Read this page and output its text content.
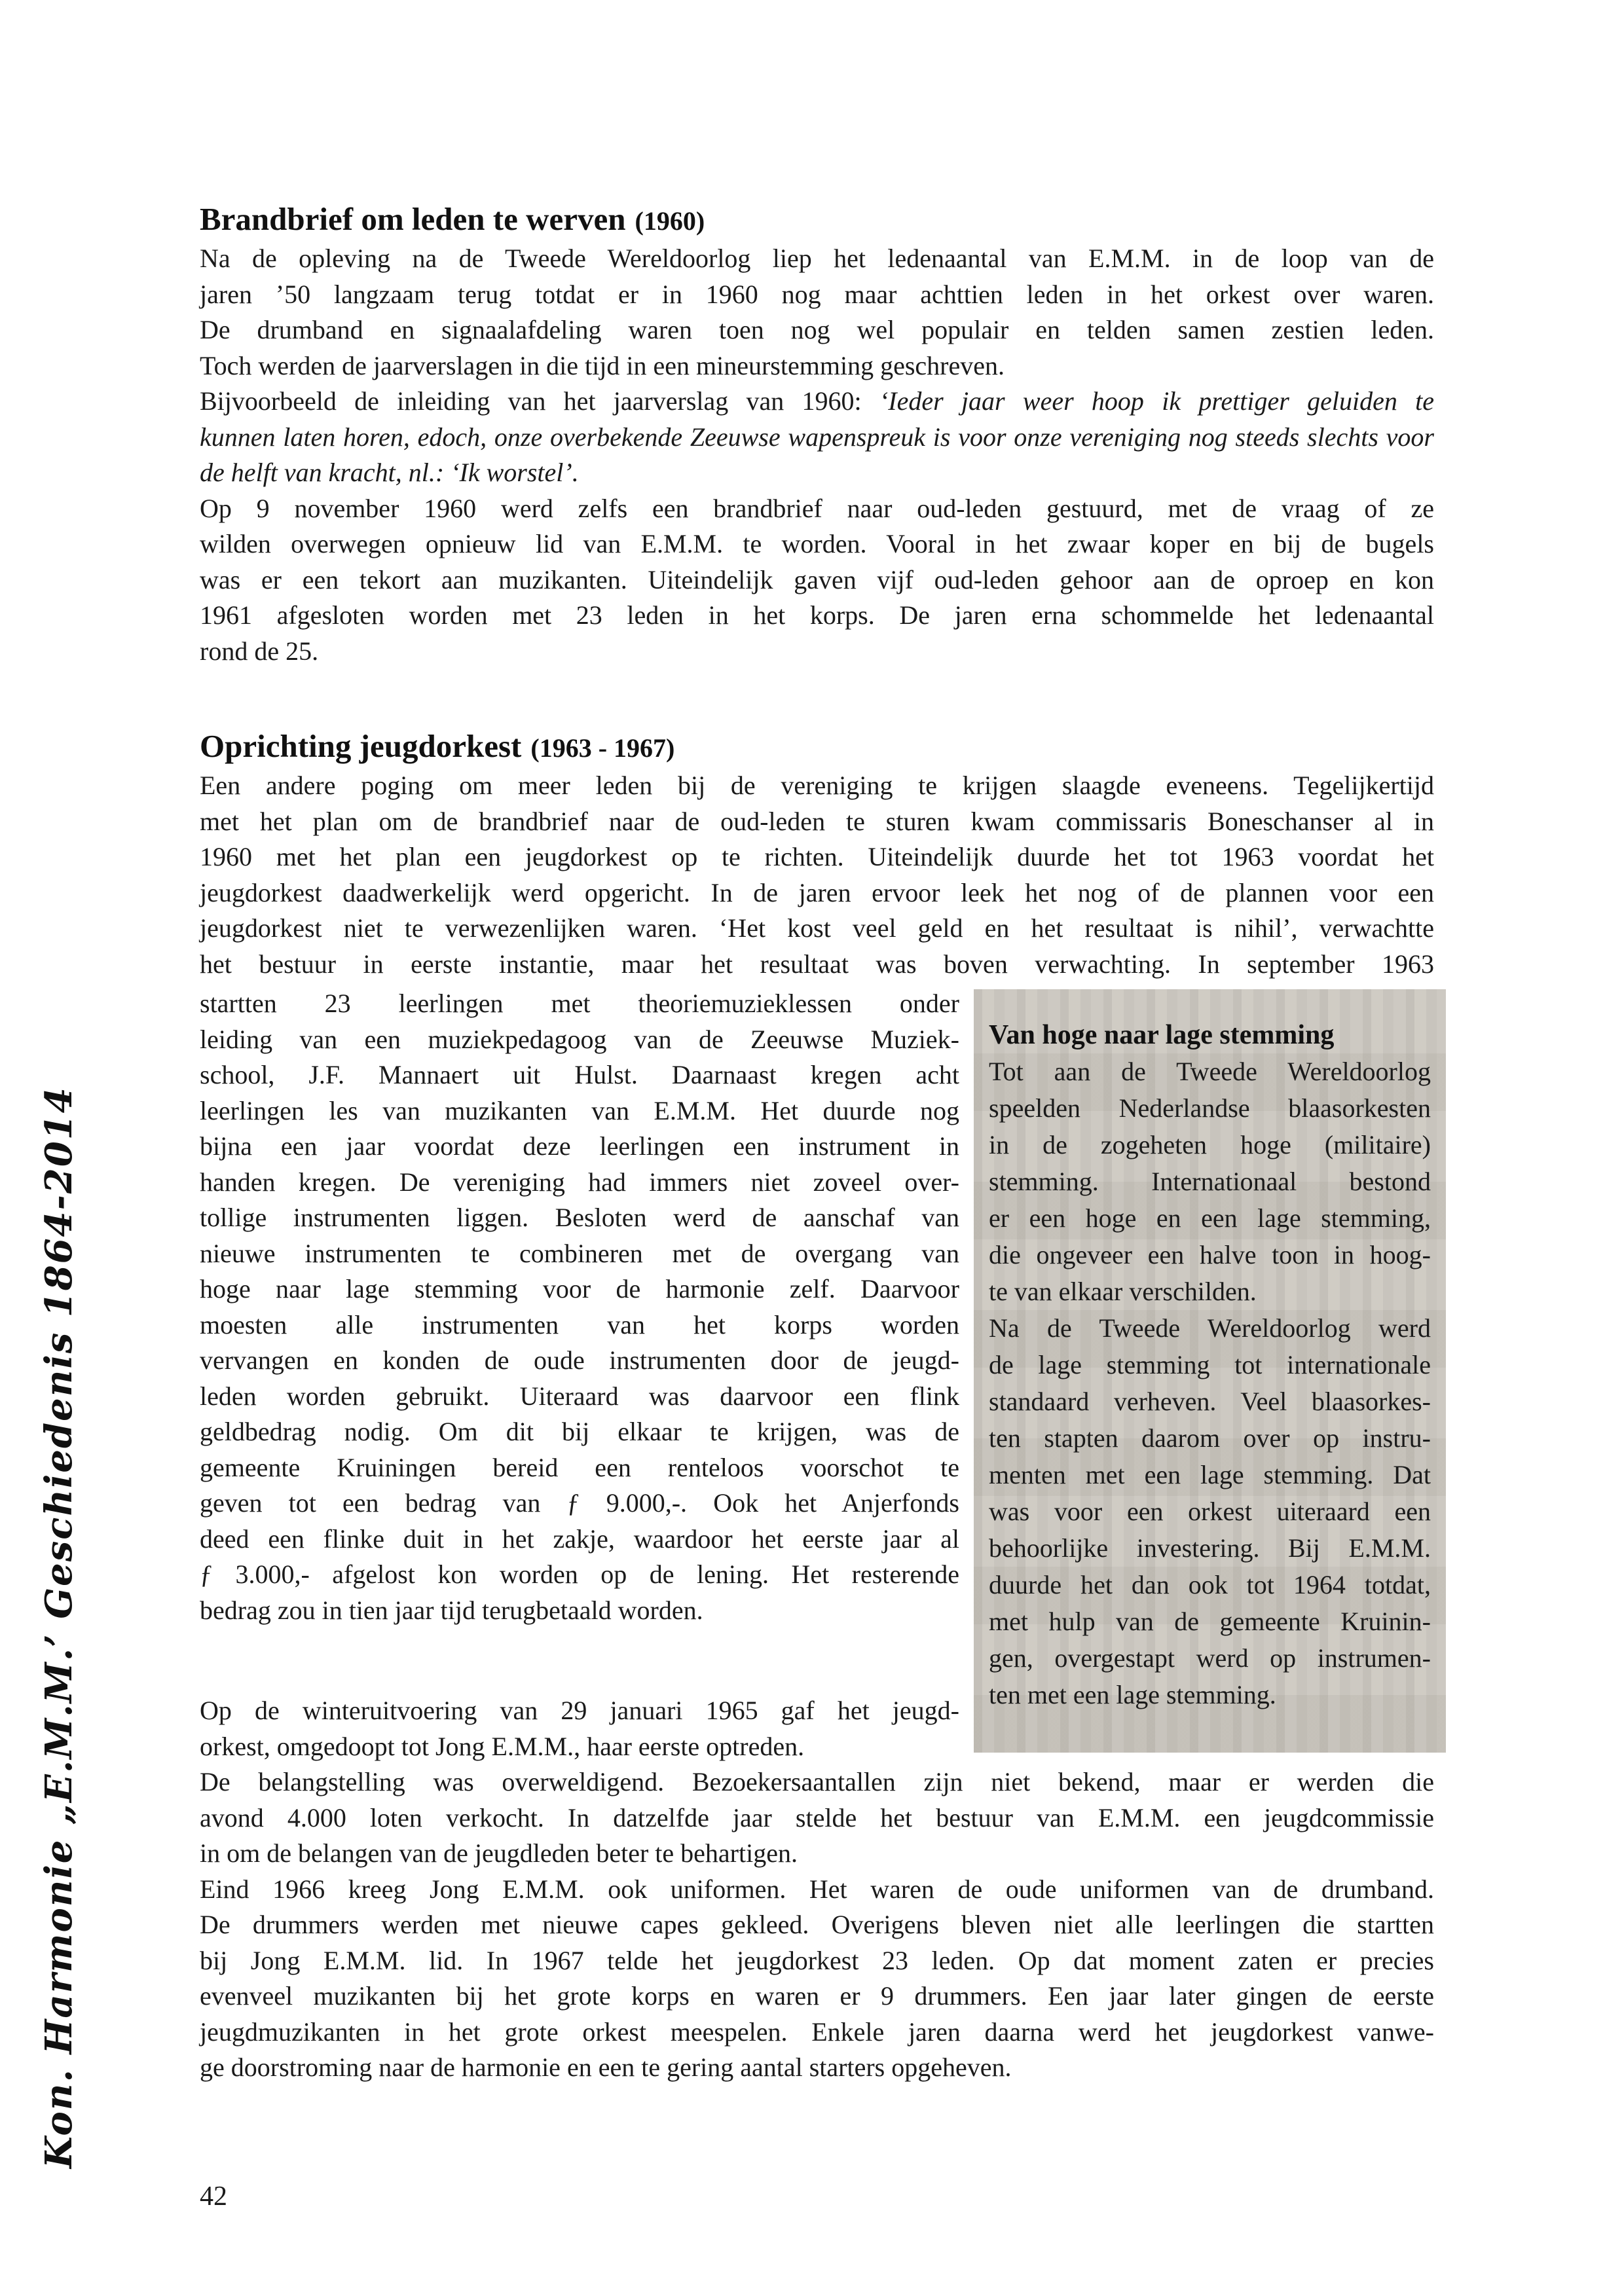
Kon. Harmonie „E.M.M.’ Geschiedenis 1864-2014
Brandbrief om leden te werven (1960)
Na de opleving na de Tweede Wereldoorlog liep het ledenaantal van E.M.M. in de loop van de
jaren ’50 langzaam terug totdat er in 1960 nog maar achttien leden in het orkest over waren.
De drumband en signaalafdeling waren toen nog wel populair en telden samen zestien leden.
Toch werden de jaarverslagen in die tijd in een mineurstemming geschreven.
Bijvoorbeeld de inleiding van het jaarverslag van 1960: ‘Ieder jaar weer hoop ik prettiger geluiden te
kunnen laten horen, edoch, onze overbekende Zeeuwse wapenspreuk is voor onze vereniging nog steeds slechts voor
de helft van kracht, nl.: ‘Ik worstel’.
Op 9 november 1960 werd zelfs een brandbrief naar oud-leden gestuurd, met de vraag of ze
wilden overwegen opnieuw lid van E.M.M. te worden. Vooral in het zwaar koper en bij de bugels
was er een tekort aan muzikanten. Uiteindelijk gaven vijf oud-leden gehoor aan de oproep en kon
1961 afgesloten worden met 23 leden in het korps. De jaren erna schommelde het ledenaantal
rond de 25.
Oprichting jeugdorkest (1963 - 1967)
Een andere poging om meer leden bij de vereniging te krijgen slaagde eveneens. Tegelijkertijd
met het plan om de brandbrief naar de oud-leden te sturen kwam commissaris Boneschanser al in
1960 met het plan een jeugdorkest op te richten. Uiteindelijk duurde het tot 1963 voordat het
jeugdorkest daadwerkelijk werd opgericht. In de jaren ervoor leek het nog of de plannen voor een
jeugdorkest niet te verwezenlijken waren. ‘Het kost veel geld en het resultaat is nihil’, verwachtte
het bestuur in eerste instantie, maar het resultaat was boven verwachting. In september 1963
startten 23 leerlingen met theoriemuzieklessen onder
leiding van een muziekpedagoog van de Zeeuwse Muziek-
school, J.F. Mannaert uit Hulst. Daarnaast kregen acht
leerlingen les van muzikanten van E.M.M. Het duurde nog
bijna een jaar voordat deze leerlingen een instrument in
handen kregen. De vereniging had immers niet zoveel over-
tollige instrumenten liggen. Besloten werd de aanschaf van
nieuwe instrumenten te combineren met de overgang van
hoge naar lage stemming voor de harmonie zelf. Daarvoor
moesten alle instrumenten van het korps worden
vervangen en konden de oude instrumenten door de jeugd-
leden worden gebruikt. Uiteraard was daarvoor een flink
geldbedrag nodig. Om dit bij elkaar te krijgen, was de
gemeente Kruiningen bereid een renteloos voorschot te
geven tot een bedrag van ƒ 9.000,-. Ook het Anjerfonds
deed een flinke duit in het zakje, waardoor het eerste jaar al
ƒ 3.000,- afgelost kon worden op de lening. Het resterende
bedrag zou in tien jaar tijd terugbetaald worden.
Op de winteruitvoering van 29 januari 1965 gaf het jeugd-
orkest, omgedoopt tot Jong E.M.M., haar eerste optreden.
Van hoge naar lage stemming
Tot aan de Tweede Wereldoorlog
speelden Nederlandse blaasorkesten
in de zogeheten hoge (militaire)
stemming. Internationaal bestond
er een hoge en een lage stemming,
die ongeveer een halve toon in hoog-
te van elkaar verschilden.
Na de Tweede Wereldoorlog werd
de lage stemming tot internationale
standaard verheven. Veel blaasorkes-
ten stapten daarom over op instru-
menten met een lage stemming. Dat
was voor een orkest uiteraard een
behoorlijke investering. Bij E.M.M.
duurde het dan ook tot 1964 totdat,
met hulp van de gemeente Kruinin-
gen, overgestapt werd op instrumen-
ten met een lage stemming.
De belangstelling was overweldigend. Bezoekersaantallen zijn niet bekend, maar er werden die
avond 4.000 loten verkocht. In datzelfde jaar stelde het bestuur van E.M.M. een jeugdcommissie
in om de belangen van de jeugdleden beter te behartigen.
Eind 1966 kreeg Jong E.M.M. ook uniformen. Het waren de oude uniformen van de drumband.
De drummers werden met nieuwe capes gekleed. Overigens bleven niet alle leerlingen die startten
bij Jong E.M.M. lid. In 1967 telde het jeugdorkest 23 leden. Op dat moment zaten er precies
evenveel muzikanten bij het grote korps en waren er 9 drummers. Een jaar later gingen de eerste
jeugdmuzikanten in het grote orkest meespelen. Enkele jaren daarna werd het jeugdorkest vanwe-
ge doorstroming naar de harmonie en een te gering aantal starters opgeheven.
42
